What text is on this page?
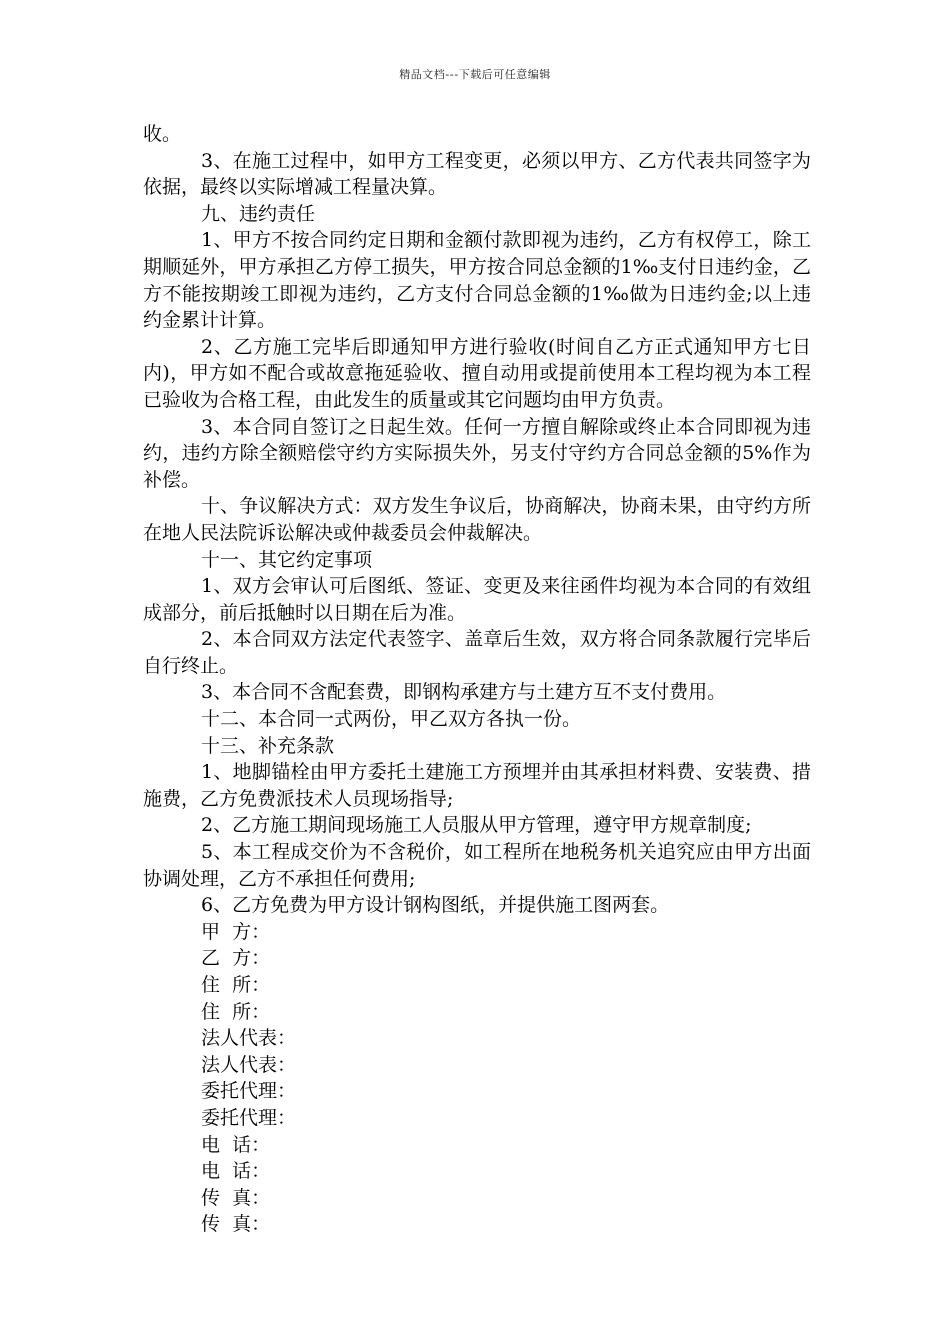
精品文档---下载后可任意编辑

收。

3、在施工过程中，如甲方工程变更，必须以甲方、乙方代表共同签字为依据，最终以实际增减工程量决算。

九、违约责任

1、甲方不按合同约定日期和金额付款即视为违约，乙方有权停工，除工期顺延外，甲方承担乙方停工损失，甲方按合同总金额的1‰支付日违约金，乙方不能按期竣工即视为违约，乙方支付合同总金额的1‰做为日违约金;以上违约金累计计算。

2、乙方施工完毕后即通知甲方进行验收(时间自乙方正式通知甲方七日内)，甲方如不配合或故意拖延验收、擅自动用或提前使用本工程均视为本工程已验收为合格工程，由此发生的质量或其它问题均由甲方负责。

3、本合同自签订之日起生效。任何一方擅自解除或终止本合同即视为违约，违约方除全额赔偿守约方实际损失外，另支付守约方合同总金额的5%作为补偿。

十、争议解决方式：双方发生争议后，协商解决，协商未果，由守约方所在地人民法院诉讼解决或仲裁委员会仲裁解决。

十一、其它约定事项

1、双方会审认可后图纸、签证、变更及来往函件均视为本合同的有效组成部分，前后抵触时以日期在后为准。

2、本合同双方法定代表签字、盖章后生效，双方将合同条款履行完毕后自行终止。

3、本合同不含配套费，即钢构承建方与土建方互不支付费用。

十二、本合同一式两份，甲乙双方各执一份。

十三、补充条款

1、地脚锚栓由甲方委托土建施工方预埋并由其承担材料费、安装费、措施费，乙方免费派技术人员现场指导;

2、乙方施工期间现场施工人员服从甲方管理，遵守甲方规章制度;

5、本工程成交价为不含税价，如工程所在地税务机关追究应由甲方出面协调处理，乙方不承担任何费用;

6、乙方免费为甲方设计钢构图纸，并提供施工图两套。

甲  方：

乙  方：

住  所：

住  所：

法人代表：

法人代表：

委托代理：

委托代理：

电  话：

电  话：

传  真：

传  真：
